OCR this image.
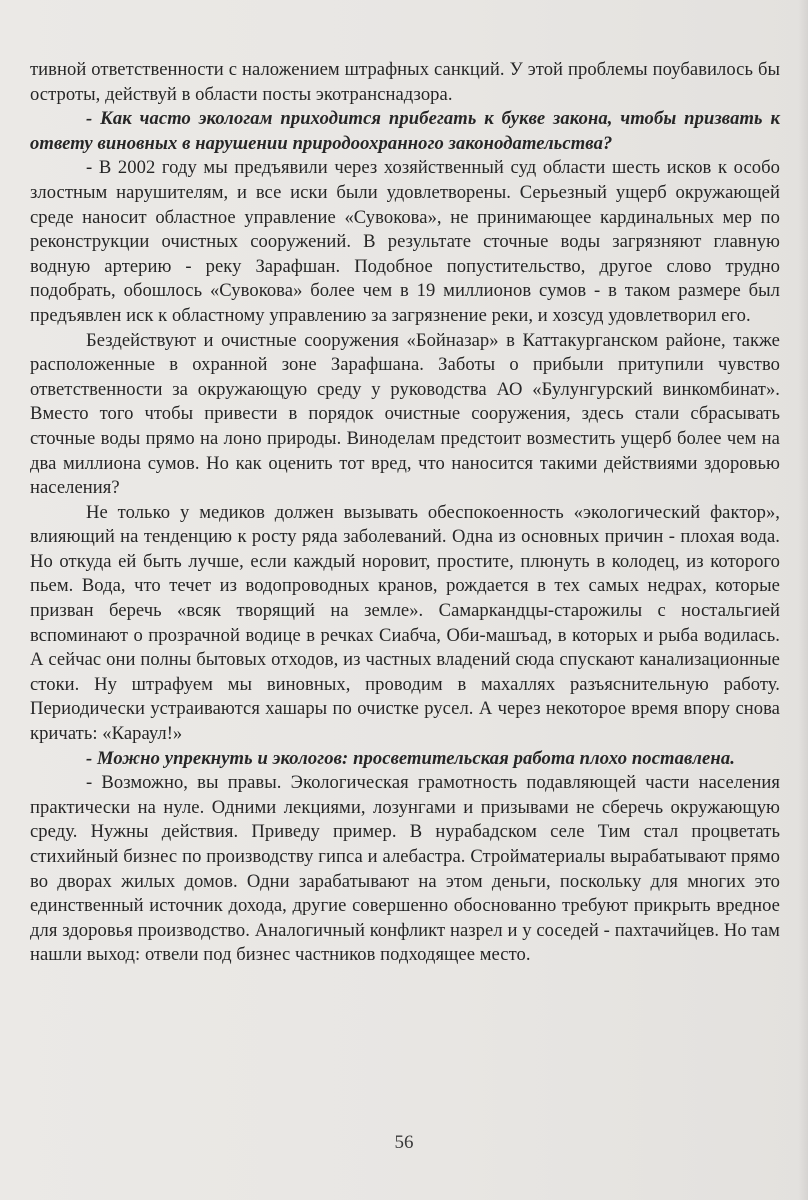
тивной ответственности с наложением штрафных санкций. У этой проблемы поубавилось бы остроты, действуй в области посты экотранснадзора.

- Как часто экологам приходится прибегать к букве закона, чтобы призвать к ответу виновных в нарушении природоохранного законодательства?

- В 2002 году мы предъявили через хозяйственный суд области шесть исков к особо злостным нарушителям, и все иски были удовлетворены. Серьезный ущерб окружающей среде наносит областное управление «Сувокова», не принимающее кардинальных мер по реконструкции очистных сооружений. В результате сточные воды загрязняют главную водную артерию - реку Зарафшан. Подобное попустительство, другое слово трудно подобрать, обошлось «Сувокова» более чем в 19 миллионов сумов - в таком размере был предъявлен иск к областному управлению за загрязнение реки, и хозсуд удовлетворил его.

Бездействуют и очистные сооружения «Бойназар» в Каттакурганском районе, также расположенные в охранной зоне Зарафшана. Заботы о прибыли притупили чувство ответственности за окружающую среду у руководства АО «Булунгурский винкомбинат». Вместо того чтобы привести в порядок очистные сооружения, здесь стали сбрасывать сточные воды прямо на лоно природы. Виноделам предстоит возместить ущерб более чем на два миллиона сумов. Но как оценить тот вред, что наносится такими действиями здоровью населения?

Не только у медиков должен вызывать обеспокоенность «экологический фактор», влияющий на тенденцию к росту ряда заболеваний. Одна из основных причин - плохая вода. Но откуда ей быть лучше, если каждый норовит, простите, плюнуть в колодец, из которого пьем. Вода, что течет из водопроводных кранов, рождается в тех самых недрах, которые призван беречь «всяк творящий на земле». Самаркандцы-старожилы с ностальгией вспоминают о прозрачной водице в речках Сиабча, Оби-машъад, в которых и рыба водилась. А сейчас они полны бытовых отходов, из частных владений сюда спускают канализационные стоки. Ну штрафуем мы виновных, проводим в махаллях разъяснительную работу. Периодически устраиваются хашары по очистке русел. А через некоторое время впору снова кричать: «Караул!»

- Можно упрекнуть и экологов: просветительская работа плохо поставлена.

- Возможно, вы правы. Экологическая грамотность подавляющей части населения практически на нуле. Одними лекциями, лозунгами и призывами не сберечь окружающую среду. Нужны действия. Приведу пример. В нурабадском селе Тим стал процветать стихийный бизнес по производству гипса и алебастра. Стройматериалы вырабатывают прямо во дворах жилых домов. Одни зарабатывают на этом деньги, поскольку для многих это единственный источник дохода, другие совершенно обоснованно требуют прикрыть вредное для здоровья производство. Аналогичный конфликт назрел и у соседей - пахтачийцев. Но там нашли выход: отвели под бизнес частников подходящее место.

56
